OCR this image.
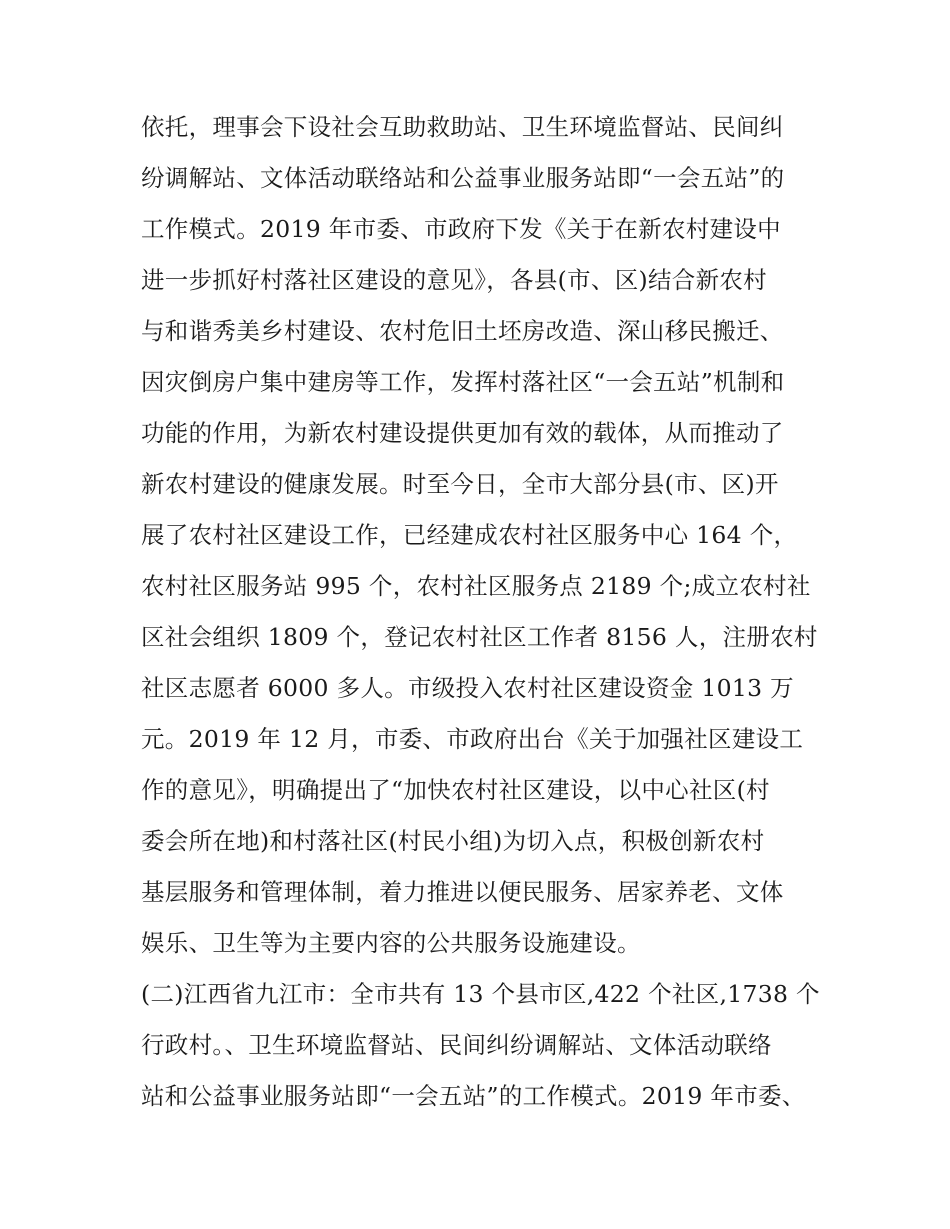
依托，理事会下设社会互助救助站、卫生环境监督站、民间纠
纷调解站、文体活动联络站和公益事业服务站即“一会五站”的
工作模式。2019 年市委、市政府下发《关于在新农村建设中
进一步抓好村落社区建设的意见》，各县(市、区)结合新农村
与和谐秀美乡村建设、农村危旧土坯房改造、深山移民搬迁、
因灾倒房户集中建房等工作，发挥村落社区“一会五站”机制和
功能的作用，为新农村建设提供更加有效的载体，从而推动了
新农村建设的健康发展。时至今日，全市大部分县(市、区)开
展了农村社区建设工作，已经建成农村社区服务中心 164 个，
农村社区服务站 995 个，农村社区服务点 2189 个;成立农村社
区社会组织 1809 个，登记农村社区工作者 8156 人，注册农村
社区志愿者 6000 多人。市级投入农村社区建设资金 1013 万
元。2019 年 12 月，市委、市政府出台《关于加强社区建设工
作的意见》，明确提出了“加快农村社区建设，以中心社区(村
委会所在地)和村落社区(村民小组)为切入点，积极创新农村
基层服务和管理体制，着力推进以便民服务、居家养老、文体
娱乐、卫生等为主要内容的公共服务设施建设。
(二)江西省九江市：全市共有 13 个县市区,422 个社区,1738 个
行政村。、卫生环境监督站、民间纠纷调解站、文体活动联络
站和公益事业服务站即“一会五站”的工作模式。2019 年市委、
